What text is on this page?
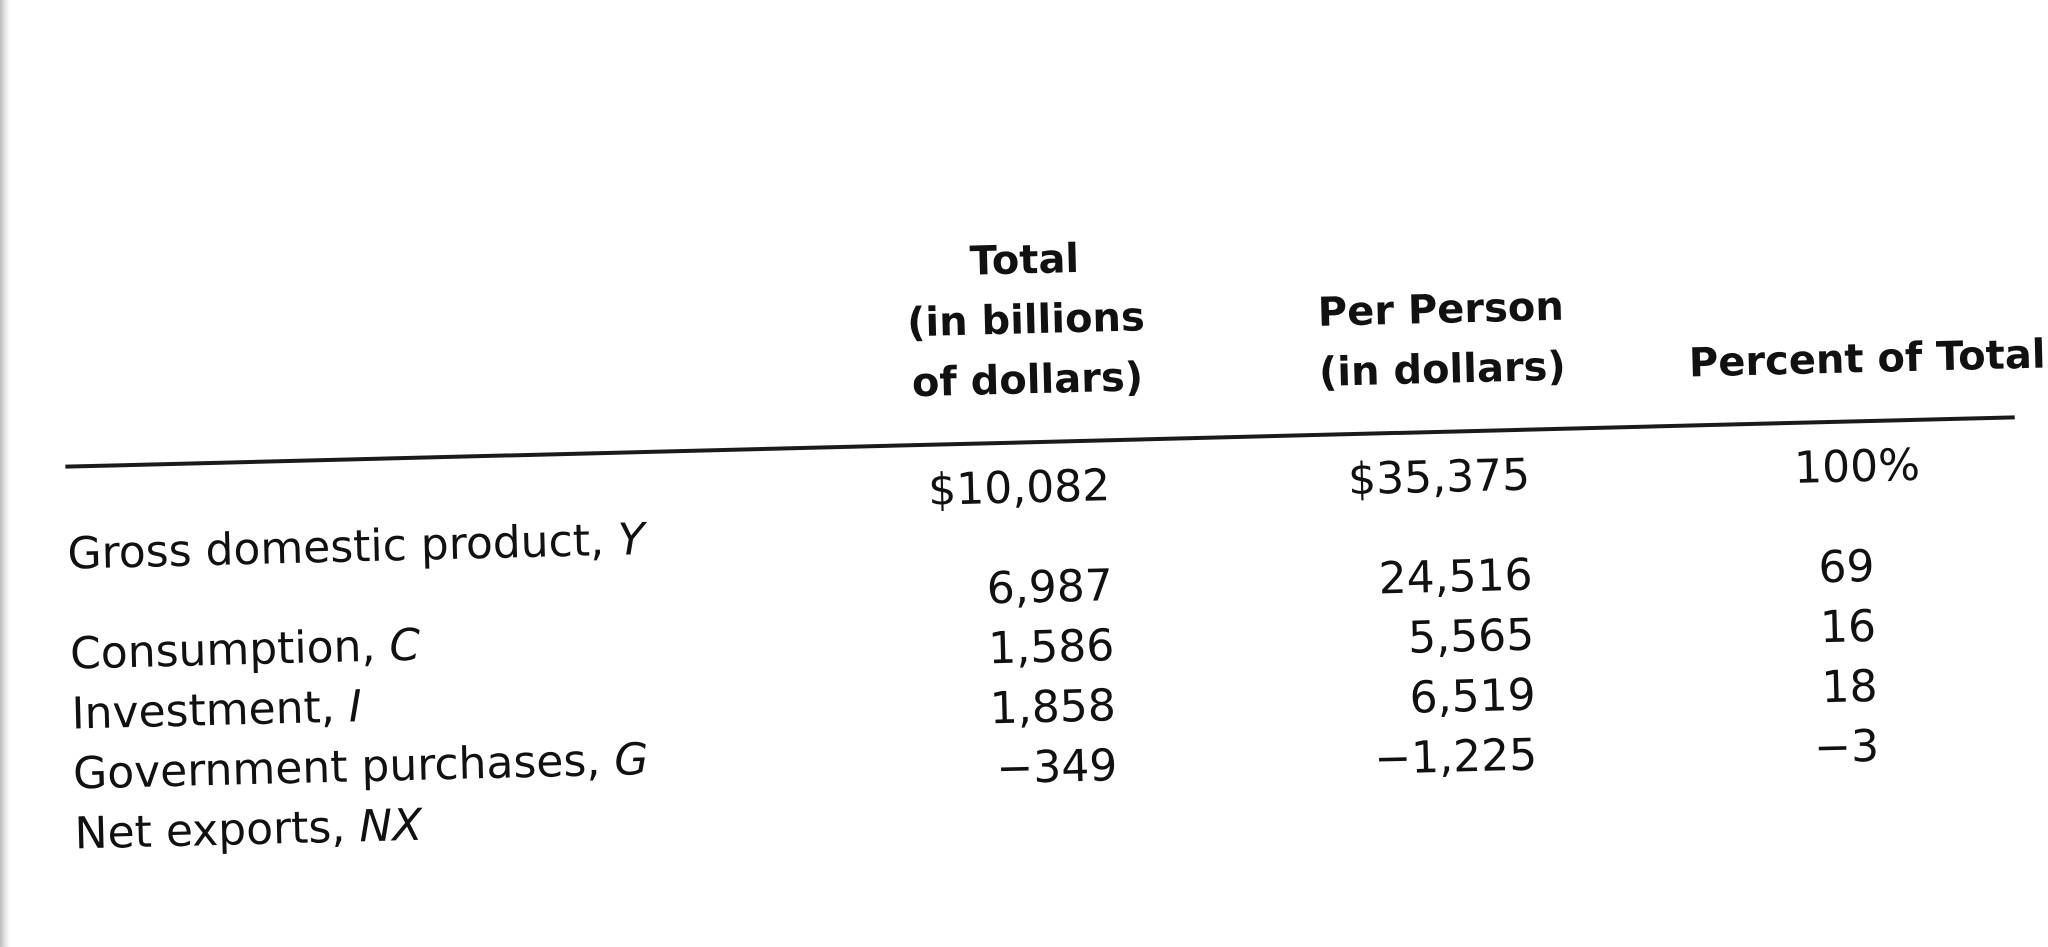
Total
(in billions
of dollars)
Per Person
(in dollars)	Percent of Total
Gross domestic product, Y
Consumption, C
Investment, I
Government purchases, G
Net exports, NX
$10,082
6,987
1,586
1,858
−349
$35,375
24,516
5,565
6,519
−1,225
100%
69
16
18
−3
